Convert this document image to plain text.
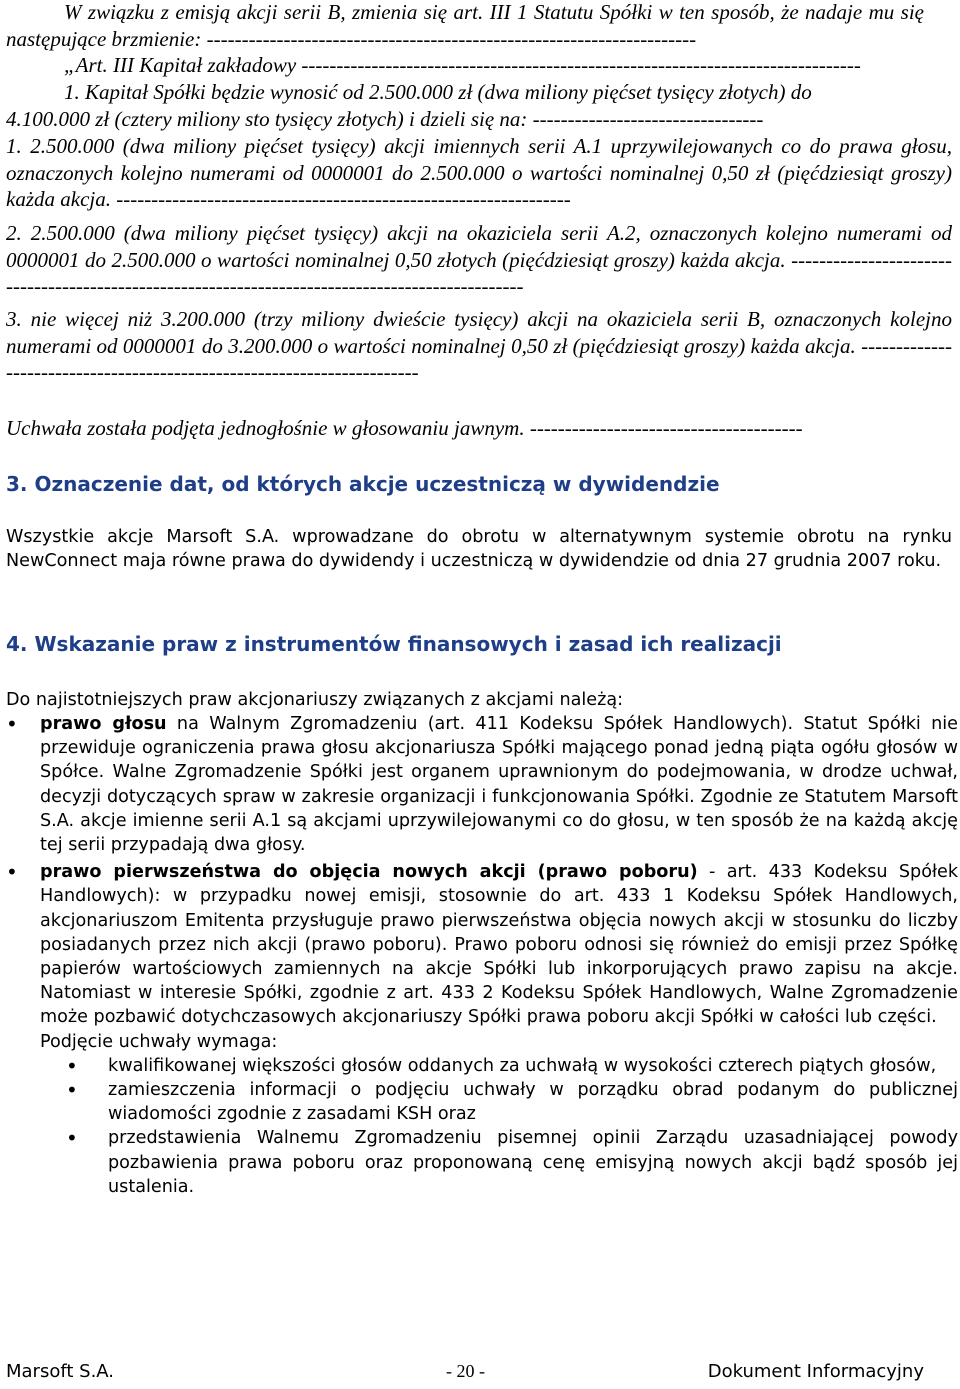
W związku z emisją akcji serii B, zmienia się art. III 1 Statutu Spółki w ten sposób, że nadaje mu się następujące brzmienie: ----------------------------------------------------------------------

„Art. III Kapitał zakładowy --------------------------------------------------------------------------------

1. Kapitał Spółki będzie wynosić od 2.500.000 zł (dwa miliony pięćset tysięcy złotych) do

4.100.000 zł (cztery miliony sto tysięcy złotych) i dzieli się na: ---------------------------------

1. 2.500.000 (dwa miliony pięćset tysięcy) akcji imiennych serii A.1 uprzywilejowanych co do prawa głosu, oznaczonych kolejno numerami od 0000001 do 2.500.000 o wartości nominalnej 0,50 zł (pięćdziesiąt groszy) każda akcja. -----------------------------------------------------------------

2. 2.500.000 (dwa miliony pięćset tysięcy) akcji na okaziciela serii A.2, oznaczonych kolejno numerami od 0000001 do 2.500.000 o wartości nominalnej 0,50 złotych (pięćdziesiąt groszy) każda akcja. -------------------------------------------------------------------------------------------------

3. nie więcej niż 3.200.000 (trzy miliony dwieście tysięcy) akcji na okaziciela serii B, oznaczonych kolejno numerami od 0000001 do 3.200.000 o wartości nominalnej 0,50 zł (pięćdziesiąt groszy) każda akcja. ------------------------------------------------------------------------

Uchwała została podjęta jednogłośnie w głosowaniu jawnym. ---------------------------------------

3. Oznaczenie dat, od których akcje uczestniczą w dywidendzie

Wszystkie akcje Marsoft S.A. wprowadzane do obrotu w alternatywnym systemie obrotu na rynku NewConnect maja równe prawa do dywidendy i uczestniczą w dywidendzie od dnia 27 grudnia 2007 roku.

4. Wskazanie praw z instrumentów finansowych i zasad ich realizacji

Do najistotniejszych praw akcjonariuszy związanych z akcjami należą:

• prawo głosu na Walnym Zgromadzeniu (art. 411 Kodeksu Spółek Handlowych). Statut Spółki nie przewiduje ograniczenia prawa głosu akcjonariusza Spółki mającego ponad jedną piąta ogółu głosów w Spółce. Walne Zgromadzenie Spółki jest organem uprawnionym do podejmowania, w drodze uchwał, decyzji dotyczących spraw w zakresie organizacji i funkcjonowania Spółki. Zgodnie ze Statutem Marsoft S.A. akcje imienne serii A.1 są akcjami uprzywilejowanymi co do głosu, w ten sposób że na każdą akcję tej serii przypadają dwa głosy.
• prawo pierwszeństwa do objęcia nowych akcji (prawo poboru) - art. 433 Kodeksu Spółek Handlowych): w przypadku nowej emisji, stosownie do art. 433 1 Kodeksu Spółek Handlowych, akcjonariuszom Emitenta przysługuje prawo pierwszeństwa objęcia nowych akcji w stosunku do liczby posiadanych przez nich akcji (prawo poboru). Prawo poboru odnosi się również do emisji przez Spółkę papierów wartościowych zamiennych na akcje Spółki lub inkorporujących prawo zapisu na akcje. Natomiast w interesie Spółki, zgodnie z art. 433 2 Kodeksu Spółek Handlowych, Walne Zgromadzenie może pozbawić dotychczasowych akcjonariuszy Spółki prawa poboru akcji Spółki w całości lub części.
Podjęcie uchwały wymaga:
• kwalifikowanej większości głosów oddanych za uchwałą w wysokości czterech piątych głosów,
• zamieszczenia informacji o podjęciu uchwały w porządku obrad podanym do publicznej wiadomości zgodnie z zasadami KSH oraz
• przedstawienia Walnemu Zgromadzeniu pisemnej opinii Zarządu uzasadniającej powody pozbawienia prawa poboru oraz proponowaną cenę emisyjną nowych akcji bądź sposób jej ustalenia.
Marsoft S.A.	- 20 -	Dokument Informacyjny
